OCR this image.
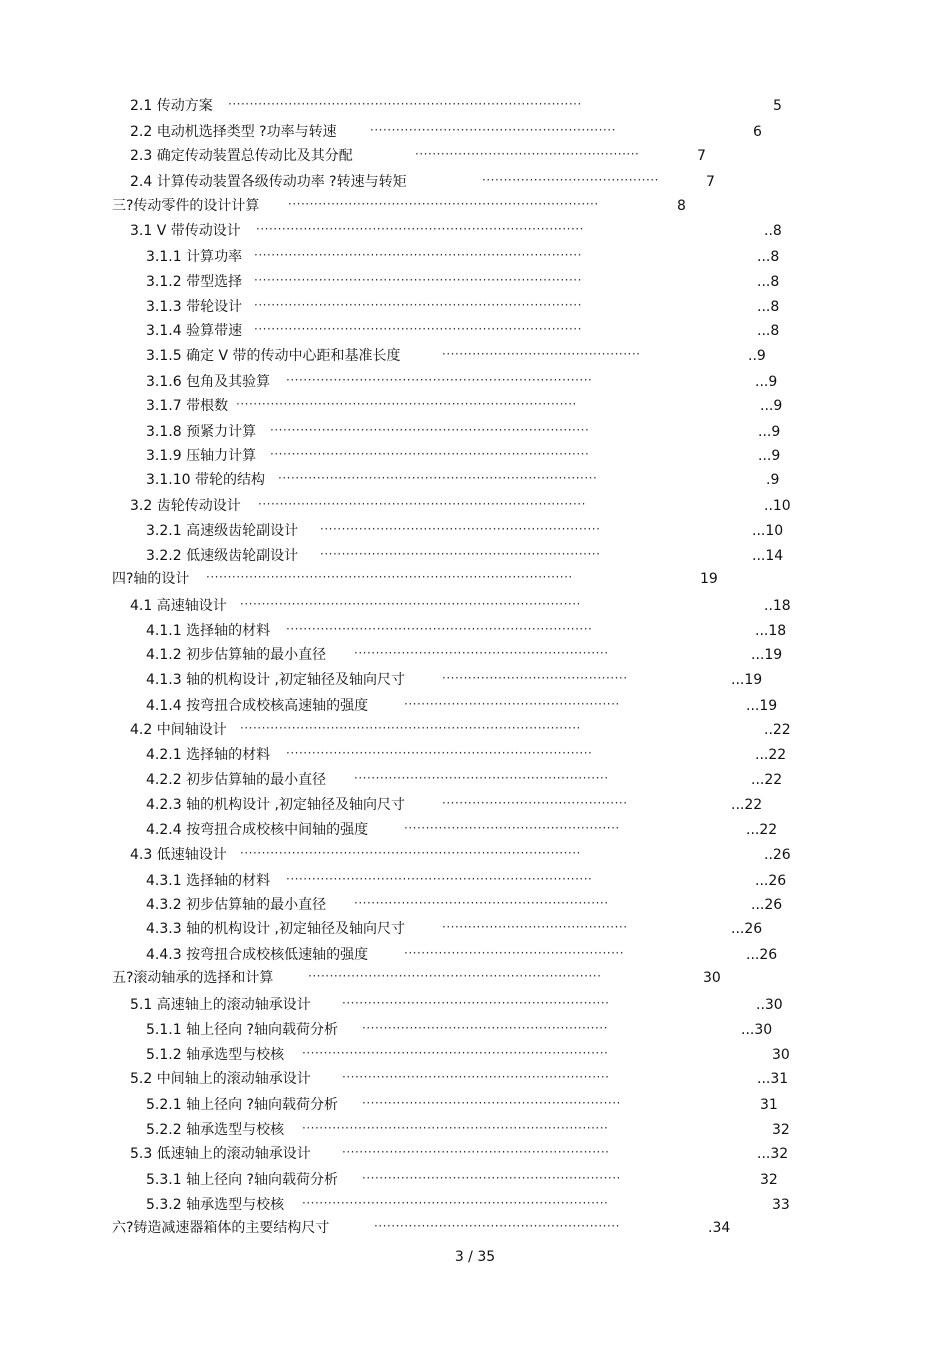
2.1 传动方案 ··················································································	5
2.2 电动机选择类型 ?功率与转速	·························································	6
2.3 确定传动装置总传动比及其分配	····················································	7
2.4 计算传动装置各级传动功率 ?转速与转矩	·········································	7
三?传动零件的设计计算 ········································································	8
3.1 V 带传动设计 ············································································	..8
3.1.1 计算功率 ············································································	...8
3.1.2 带型选择 ············································································	...8
3.1.3 带轮设计 ············································································	...8
3.1.4 验算带速 ············································································	...8
3.1.5 确定 V 带的传动中心距和基准长度	··············································	..9
3.1.6 包角及其验算 ·······································································	...9
3.1.7 带根数 ···············································································	...9
3.1.8 预紧力计算 ··········································································	...9
3.1.9 压轴力计算 ··········································································	...9
3.1.10 带轮的结构 ··········································································	.9
3.2 齿轮传动设计 ············································································	..10
3.2.1 高速级齿轮副设计 ·································································	...10
3.2.2 低速级齿轮副设计 ·································································	...14
四?轴的设计 ·····················································································	19
4.1 高速轴设计 ···············································································	..18
4.1.1 选择轴的材料 ·······································································	...18
4.1.2 初步估算轴的最小直径 ···························································	...19
4.1.3 轴的机构设计 ,初定轴径及轴向尺寸	···········································	...19
4.1.4 按弯扭合成校核高速轴的强度	··················································	...19
4.2 中间轴设计 ···············································································	..22
4.2.1 选择轴的材料 ·······································································	...22
4.2.2 初步估算轴的最小直径 ···························································	...22
4.2.3 轴的机构设计 ,初定轴径及轴向尺寸	···········································	...22
4.2.4 按弯扭合成校核中间轴的强度	··················································	...22
4.3 低速轴设计 ···············································································	..26
4.3.1 选择轴的材料 ·······································································	...26
4.3.2 初步估算轴的最小直径 ···························································	...26
4.3.3 轴的机构设计 ,初定轴径及轴向尺寸	···········································	...26
4.4.3 按弯扭合成校核低速轴的强度	···················································	...26
五?滚动轴承的选择和计算	····································································	30
5.1 高速轴上的滚动轴承设计	······························································	..30
5.1.1 轴上径向 ?轴向载荷分析 ·························································	...30
5.1.2 轴承选型与校核 ·······································································	30
5.2 中间轴上的滚动轴承设计	······························································	...31
5.2.1 轴上径向 ?轴向载荷分析 ····························································	31
5.2.2 轴承选型与校核 ·······································································	32
5.3 低速轴上的滚动轴承设计	······························································	...32
5.3.1 轴上径向 ?轴向载荷分析 ····························································	32
5.3.2 轴承选型与校核 ·······································································	33
六?铸造减速器箱体的主要结构尺寸	·························································	.34
3 / 35
